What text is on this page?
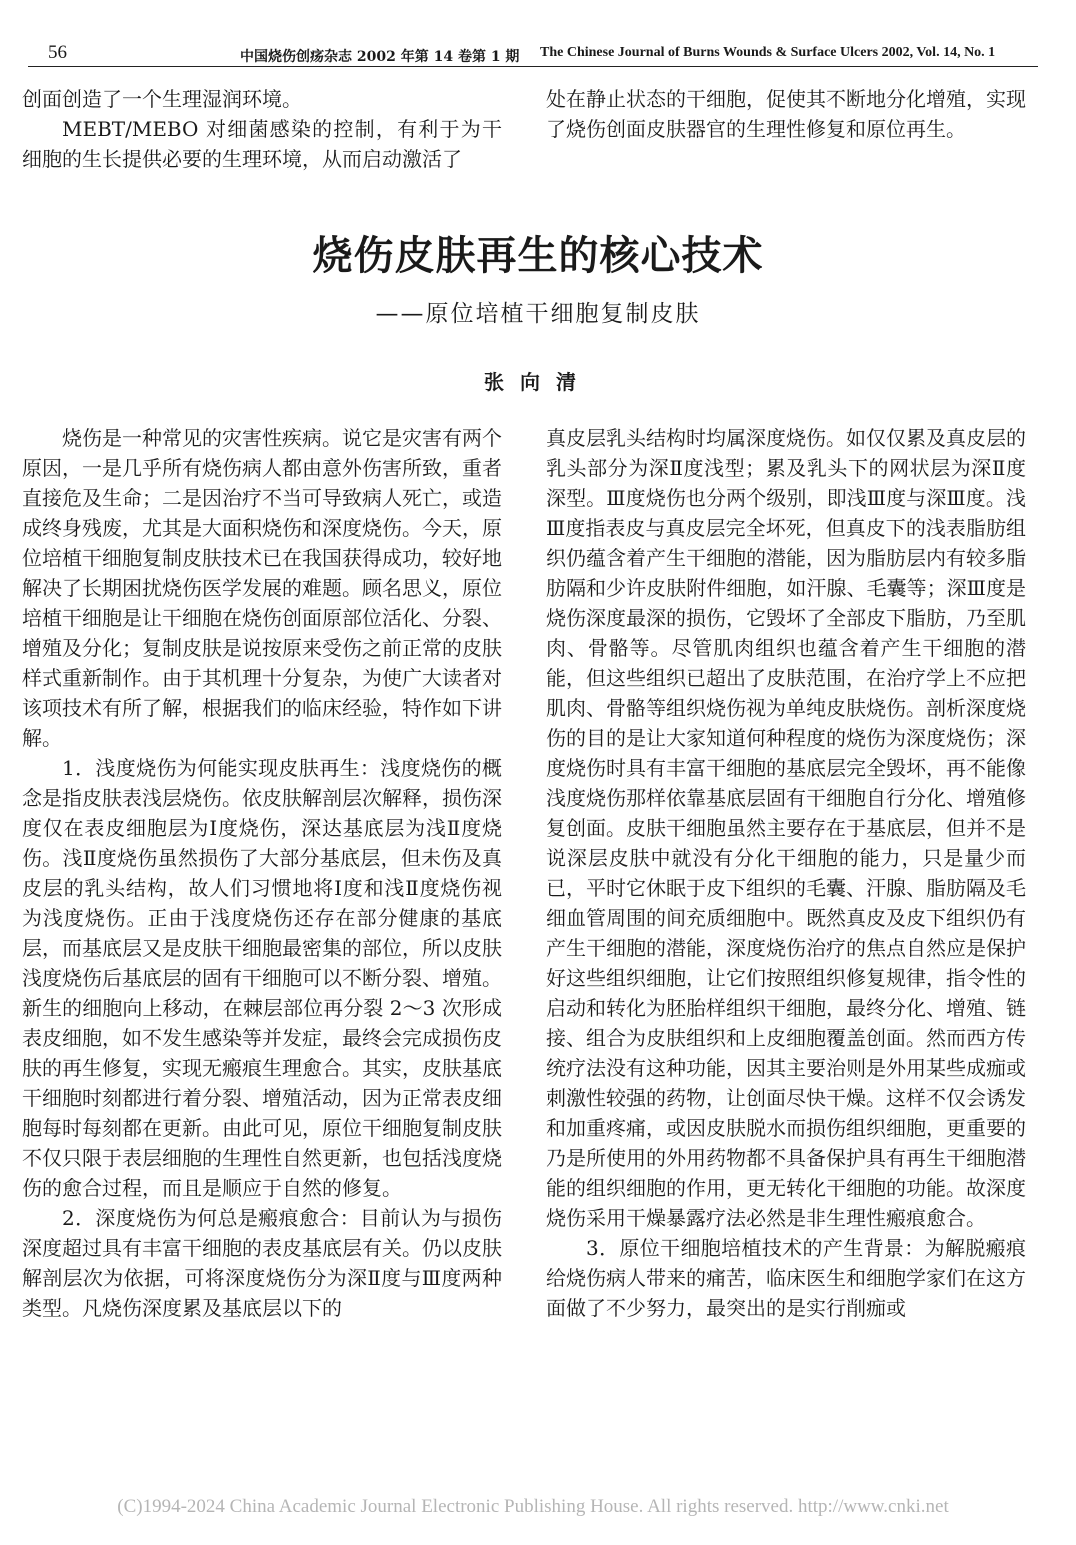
56	中国烧伤创疡杂志 2002 年第 14 卷第 1 期 The Chinese Journal of Burns Wounds & Surface Ulcers 2002, Vol. 14, No. 1

创面创造了一个生理湿润环境。

MEBT/MEBO 对细菌感染的控制，有利于为干细胞的生长提供必要的生理环境，从而启动激活了

处在静止状态的干细胞，促使其不断地分化增殖，实现了烧伤创面皮肤器官的生理性修复和原位再生。

烧伤皮肤再生的核心技术
——原位培植干细胞复制皮肤
张向清

烧伤是一种常见的灾害性疾病。说它是灾害有两个原因，一是几乎所有烧伤病人都由意外伤害所致，重者直接危及生命；二是因治疗不当可导致病人死亡，或造成终身残废，尤其是大面积烧伤和深度烧伤。今天，原位培植干细胞复制皮肤技术已在我国获得成功，较好地解决了长期困扰烧伤医学发展的难题。顾名思义，原位培植干细胞是让干细胞在烧伤创面原部位活化、分裂、增殖及分化；复制皮肤是说按原来受伤之前正常的皮肤样式重新制作。由于其机理十分复杂，为使广大读者对该项技术有所了解，根据我们的临床经验，特作如下讲解。

1．浅度烧伤为何能实现皮肤再生：浅度烧伤的概念是指皮肤表浅层烧伤。依皮肤解剖层次解释，损伤深度仅在表皮细胞层为Ⅰ度烧伤，深达基底层为浅Ⅱ度烧伤。浅Ⅱ度烧伤虽然损伤了大部分基底层，但未伤及真皮层的乳头结构，故人们习惯地将Ⅰ度和浅Ⅱ度烧伤视为浅度烧伤。正由于浅度烧伤还存在部分健康的基底层，而基底层又是皮肤干细胞最密集的部位，所以皮肤浅度烧伤后基底层的固有干细胞可以不断分裂、增殖。新生的细胞向上移动，在棘层部位再分裂 2～3 次形成表皮细胞，如不发生感染等并发症，最终会完成损伤皮肤的再生修复，实现无瘢痕生理愈合。其实，皮肤基底干细胞时刻都进行着分裂、增殖活动，因为正常表皮细胞每时每刻都在更新。由此可见，原位干细胞复制皮肤不仅只限于表层细胞的生理性自然更新，也包括浅度烧伤的愈合过程，而且是顺应于自然的修复。

2．深度烧伤为何总是瘢痕愈合：目前认为与损伤深度超过具有丰富干细胞的表皮基底层有关。仍以皮肤解剖层次为依据，可将深度烧伤分为深Ⅱ度与Ⅲ度两种类型。凡烧伤深度累及基底层以下的

真皮层乳头结构时均属深度烧伤。如仅仅累及真皮层的乳头部分为深Ⅱ度浅型；累及乳头下的网状层为深Ⅱ度深型。Ⅲ度烧伤也分两个级别，即浅Ⅲ度与深Ⅲ度。浅Ⅲ度指表皮与真皮层完全坏死，但真皮下的浅表脂肪组织仍蕴含着产生干细胞的潜能，因为脂肪层内有较多脂肪隔和少许皮肤附件细胞，如汗腺、毛囊等；深Ⅲ度是烧伤深度最深的损伤，它毁坏了全部皮下脂肪，乃至肌肉、骨骼等。尽管肌肉组织也蕴含着产生干细胞的潜能，但这些组织已超出了皮肤范围，在治疗学上不应把肌肉、骨骼等组织烧伤视为单纯皮肤烧伤。剖析深度烧伤的目的是让大家知道何种程度的烧伤为深度烧伤；深度烧伤时具有丰富干细胞的基底层完全毁坏，再不能像浅度烧伤那样依靠基底层固有干细胞自行分化、增殖修复创面。皮肤干细胞虽然主要存在于基底层，但并不是说深层皮肤中就没有分化干细胞的能力，只是量少而已，平时它休眠于皮下组织的毛囊、汗腺、脂肪隔及毛细血管周围的间充质细胞中。既然真皮及皮下组织仍有产生干细胞的潜能，深度烧伤治疗的焦点自然应是保护好这些组织细胞，让它们按照组织修复规律，指令性的启动和转化为胚胎样组织干细胞，最终分化、增殖、链接、组合为皮肤组织和上皮细胞覆盖创面。然而西方传统疗法没有这种功能，因其主要治则是外用某些成痂或刺激性较强的药物，让创面尽快干燥。这样不仅会诱发和加重疼痛，或因皮肤脱水而损伤组织细胞，更重要的乃是所使用的外用药物都不具备保护具有再生干细胞潜能的组织细胞的作用，更无转化干细胞的功能。故深度烧伤采用干燥暴露疗法必然是非生理性瘢痕愈合。

3．原位干细胞培植技术的产生背景：为解脱瘢痕给烧伤病人带来的痛苦，临床医生和细胞学家们在这方面做了不少努力，最突出的是实行削痂或

(C)1994-2024 China Academic Journal Electronic Publishing House. All rights reserved. http://www.cnki.net
